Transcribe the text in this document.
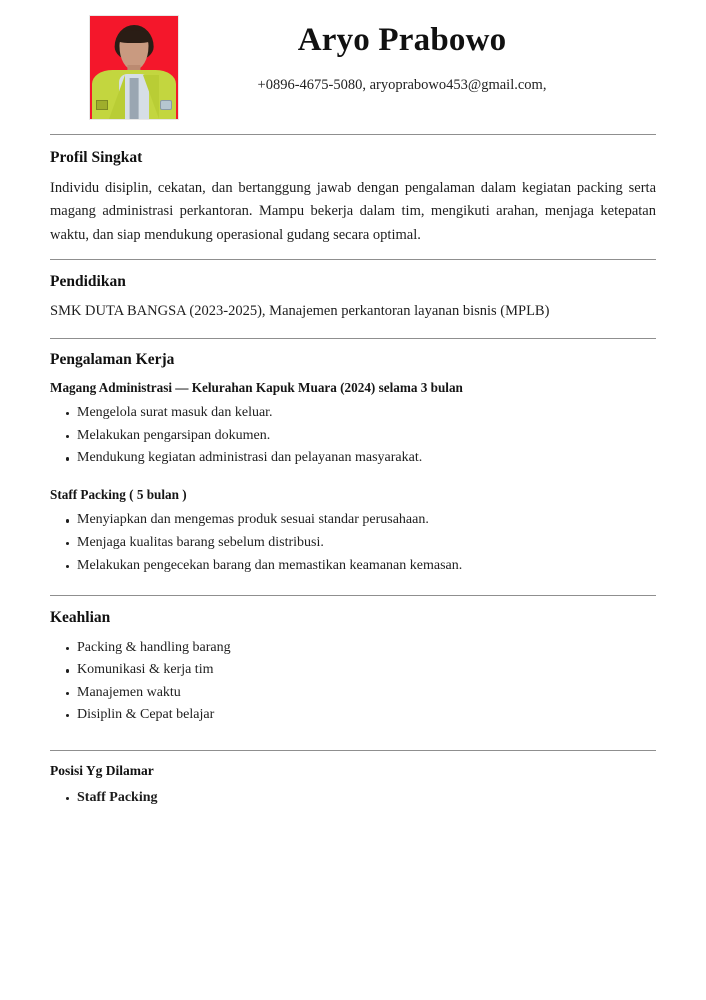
Aryo Prabowo

+0896-4675-5080, aryoprabowo453@gmail.com,

Profil Singkat

Individu disiplin, cekatan, dan bertanggung jawab dengan pengalaman dalam kegiatan packing serta magang administrasi perkantoran. Mampu bekerja dalam tim, mengikuti arahan, menjaga ketepatan waktu, dan siap mendukung operasional gudang secara optimal.

Pendidikan

SMK DUTA BANGSA (2023-2025), Manajemen perkantoran layanan bisnis (MPLB)

Pengalaman Kerja

Magang Administrasi — Kelurahan Kapuk Muara (2024) selama 3 bulan

Mengelola surat masuk dan keluar.
Melakukan pengarsipan dokumen.
Mendukung kegiatan administrasi dan pelayanan masyarakat.

Staff Packing ( 5 bulan )

Menyiapkan dan mengemas produk sesuai standar perusahaan.
Menjaga kualitas barang sebelum distribusi.
Melakukan pengecekan barang dan memastikan keamanan kemasan.
Keahlian
Packing & handling barang
Komunikasi & kerja tim
Manajemen waktu
Disiplin & Cepat belajar
Posisi Yg Dilamar
Staff Packing
